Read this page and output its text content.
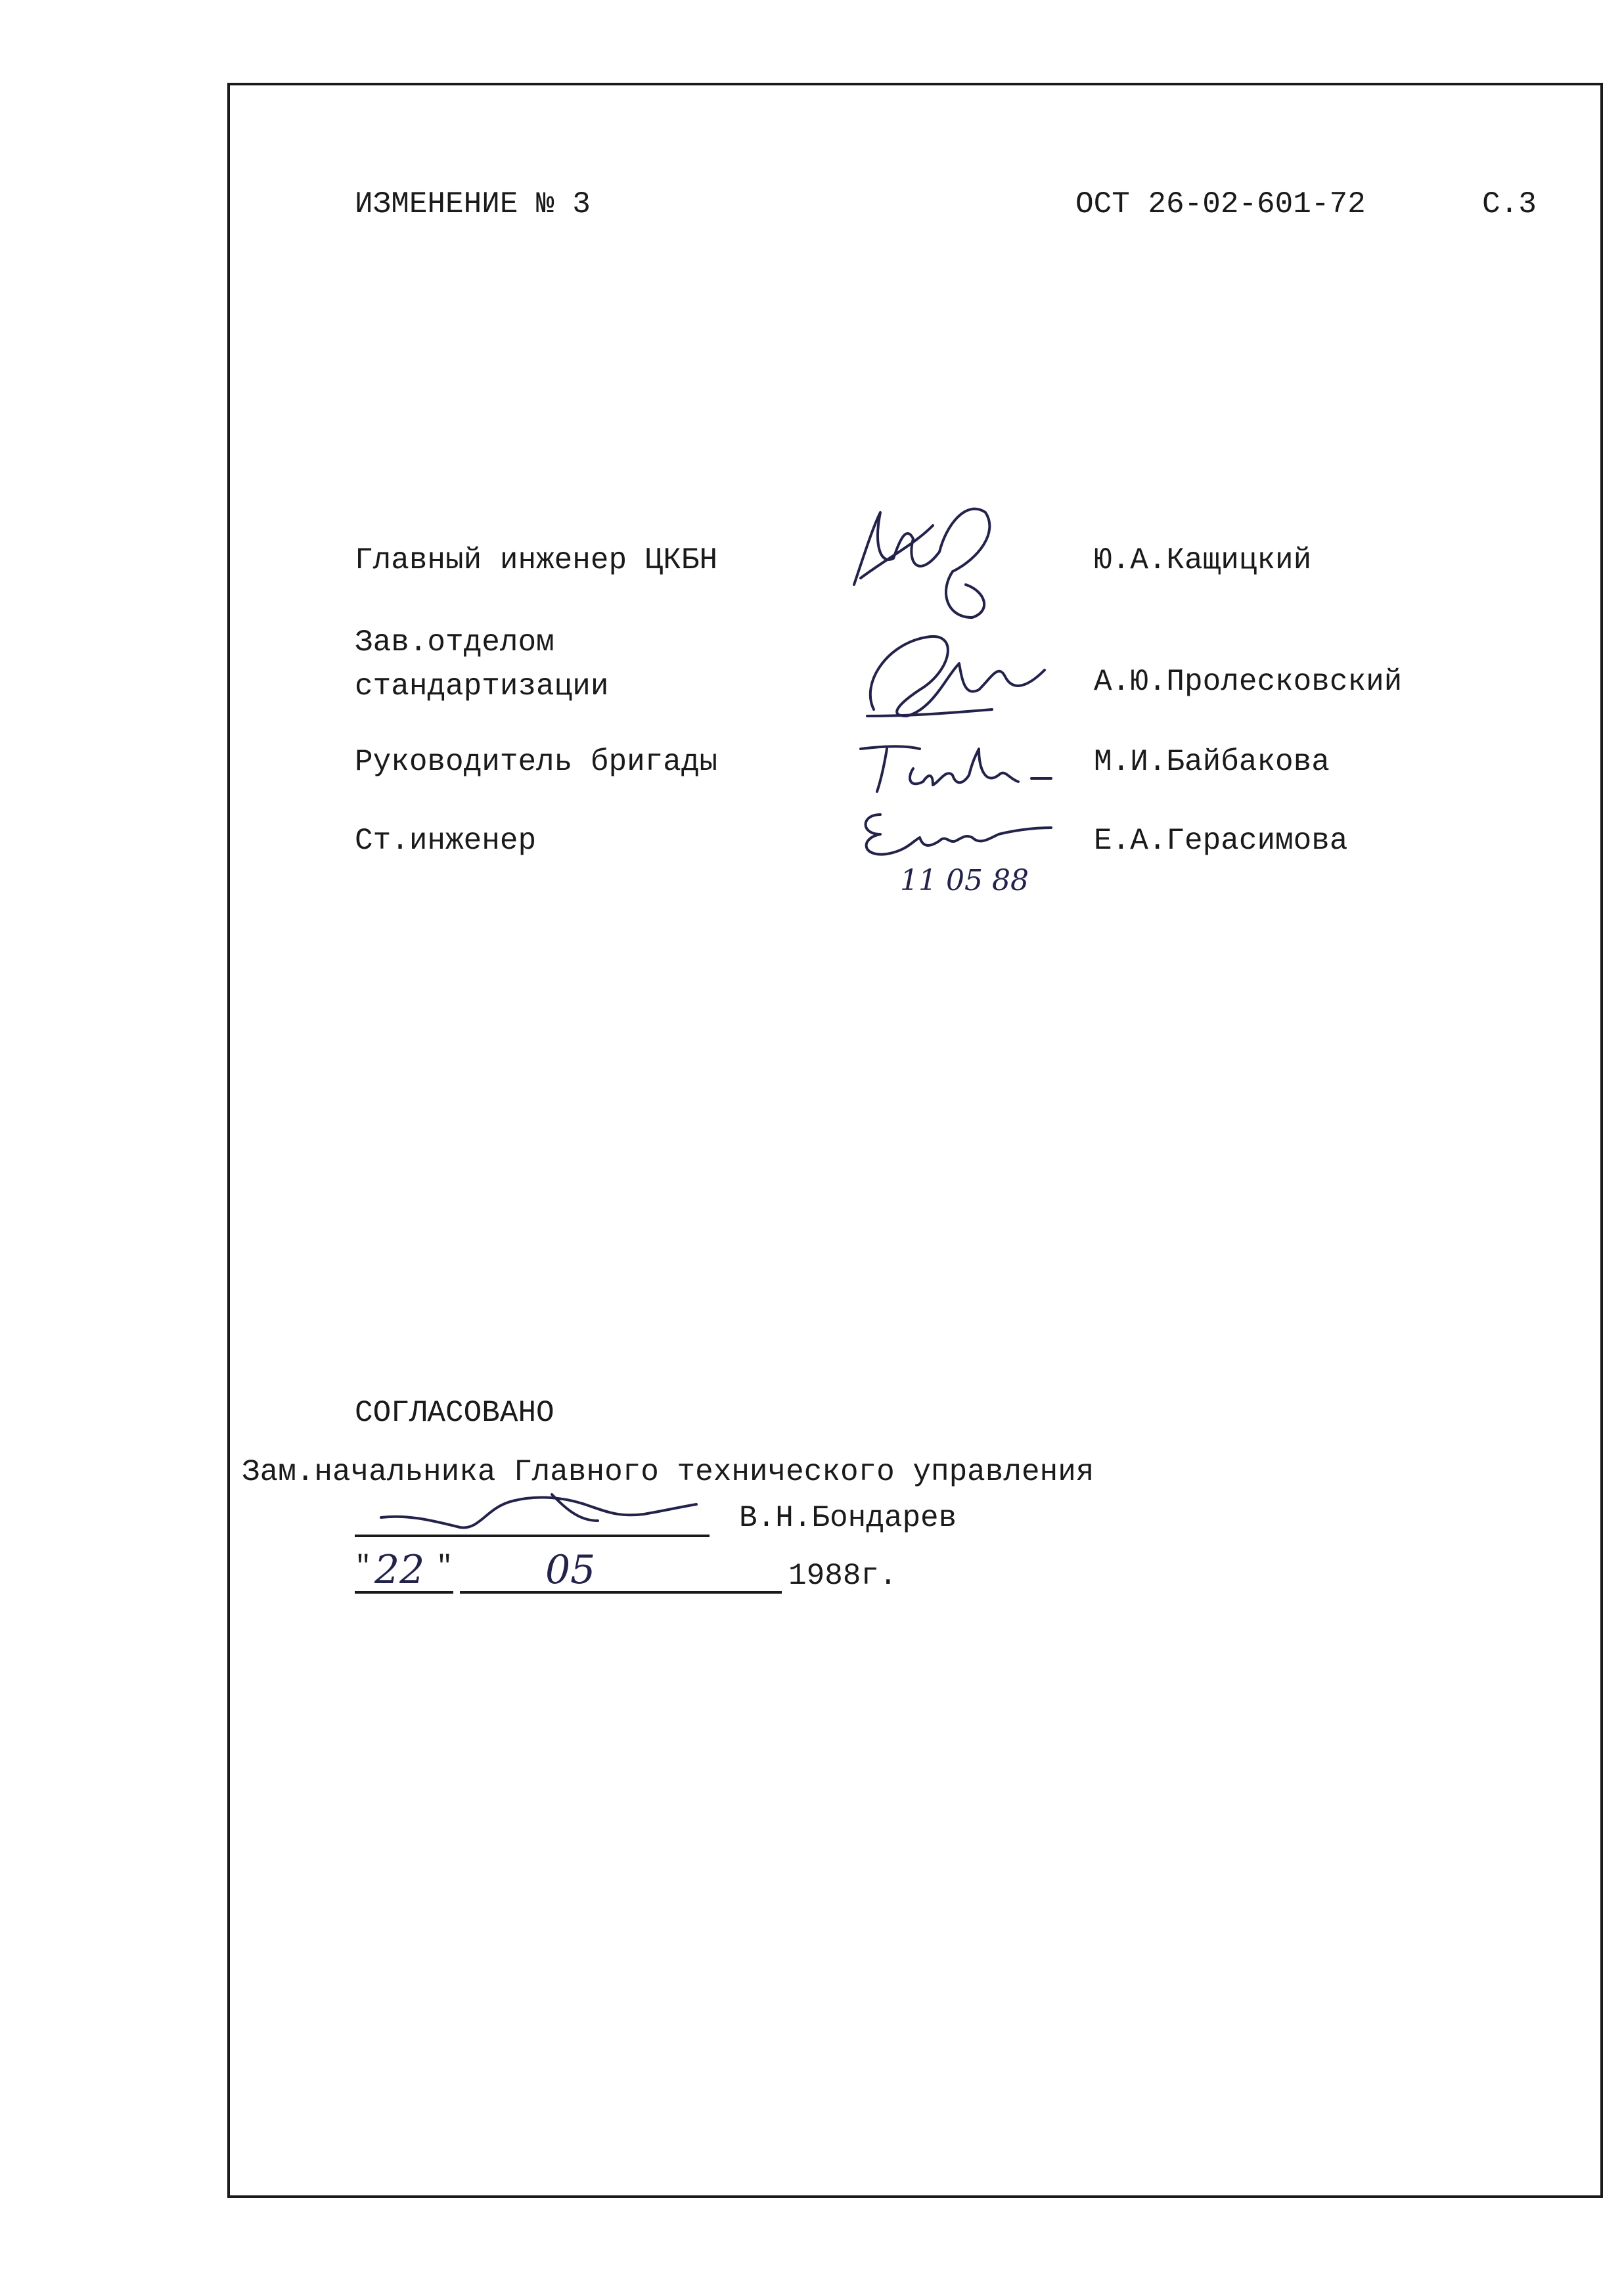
ИЗМЕНЕНИЕ № 3	ОСТ 26-02-601-72	С.3
Главный инженер ЦКБН	Ю.А.Кащицкий
Зав.отделом
стандартизации	А.Ю.Пролесковский
Руководитель бригады	М.И.Байбакова
Ст.инженер	Е.А.Герасимова
11 05 88
СОГЛАСОВАНО
Зам.начальника Главного технического управления
В.Н.Бондарев
" 22 " 05	1988г.
